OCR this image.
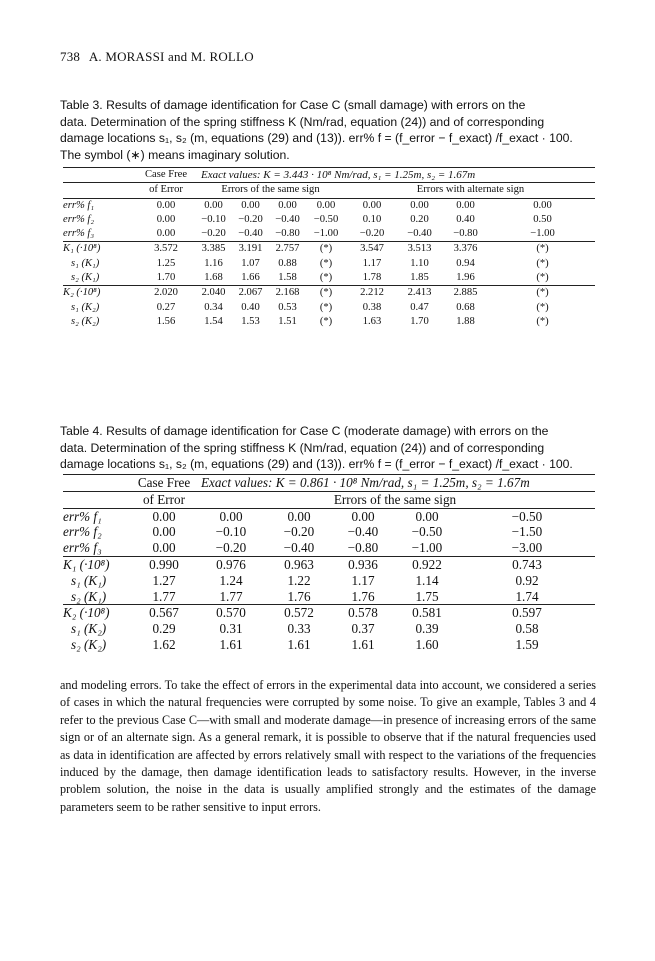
738 A. MORASSI and M. ROLLO
Table 3. Results of damage identification for Case C (small damage) with errors on the
data. Determination of the spring stiffness K (Nm/rad, equation (24)) and of corresponding
damage locations s₁, s₂ (m, equations (29) and (13)). err% f = (f_error − f_exact) /f_exact · 100.
The symbol (∗) means imaginary solution.
	Case Free	Exact values: K = 3.443 · 10⁸ Nm/rad, s₁ = 1.25m, s₂ = 1.67m							
	of Error	Errors of the same sign				Errors with alternate sign			
err% f₁	0.00	0.00	0.00	0.00	0.00	0.00	0.00	0.00	0.00
err% f₂	0.00	−0.10	−0.20	−0.40	−0.50	0.10	0.20	0.40	0.50
err% f₃	0.00	−0.20	−0.40	−0.80	−1.00	−0.20	−0.40	−0.80	−1.00
K₁ (·10⁸)	3.572	3.385	3.191	2.757	(*)	3.547	3.513	3.376	(*)
s₁ (K₁)	1.25	1.16	1.07	0.88	(*)	1.17	1.10	0.94	(*)
s₂ (K₁)	1.70	1.68	1.66	1.58	(*)	1.78	1.85	1.96	(*)
K₂ (·10⁸)	2.020	2.040	2.067	2.168	(*)	2.212	2.413	2.885	(*)
s₁ (K₂)	0.27	0.34	0.40	0.53	(*)	0.38	0.47	0.68	(*)
s₂ (K₂)	1.56	1.54	1.53	1.51	(*)	1.63	1.70	1.88	(*)
Table 4. Results of damage identification for Case C (moderate damage) with errors on the
data. Determination of the spring stiffness K (Nm/rad, equation (24)) and of corresponding
damage locations s₁, s₂ (m, equations (29) and (13)). err% f = (f_error − f_exact) /f_exact · 100.
	Case Free	Exact values: K = 0.861 · 10⁸ Nm/rad, s₁ = 1.25m, s₂ = 1.67m				
	of Error	Errors of the same sign				
err% f₁	0.00	0.00	0.00	0.00	0.00	−0.50
err% f₂	0.00	−0.10	−0.20	−0.40	−0.50	−1.50
err% f₃	0.00	−0.20	−0.40	−0.80	−1.00	−3.00
K₁ (·10⁸)	0.990	0.976	0.963	0.936	0.922	0.743
s₁ (K₁)	1.27	1.24	1.22	1.17	1.14	0.92
s₂ (K₁)	1.77	1.77	1.76	1.76	1.75	1.74
K₂ (·10⁸)	0.567	0.570	0.572	0.578	0.581	0.597
s₁ (K₂)	0.29	0.31	0.33	0.37	0.39	0.58
s₂ (K₂)	1.62	1.61	1.61	1.61	1.60	1.59
and modeling errors. To take the effect of errors in the experimental data into account, we considered a series of cases in which the natural frequencies were corrupted by some noise. To give an example, Tables 3 and 4 refer to the previous Case C—with small and moderate damage—in presence of increasing errors of the same sign or of an alternate sign. As a general remark, it is possible to observe that if the natural frequencies used as data in identification are affected by errors relatively small with respect to the variations of the frequencies induced by the damage, then damage identification leads to satisfactory results. However, in the inverse problem solution, the noise in the data is usually amplified strongly and the estimates of the damage parameters seem to be rather sensitive to input errors.
